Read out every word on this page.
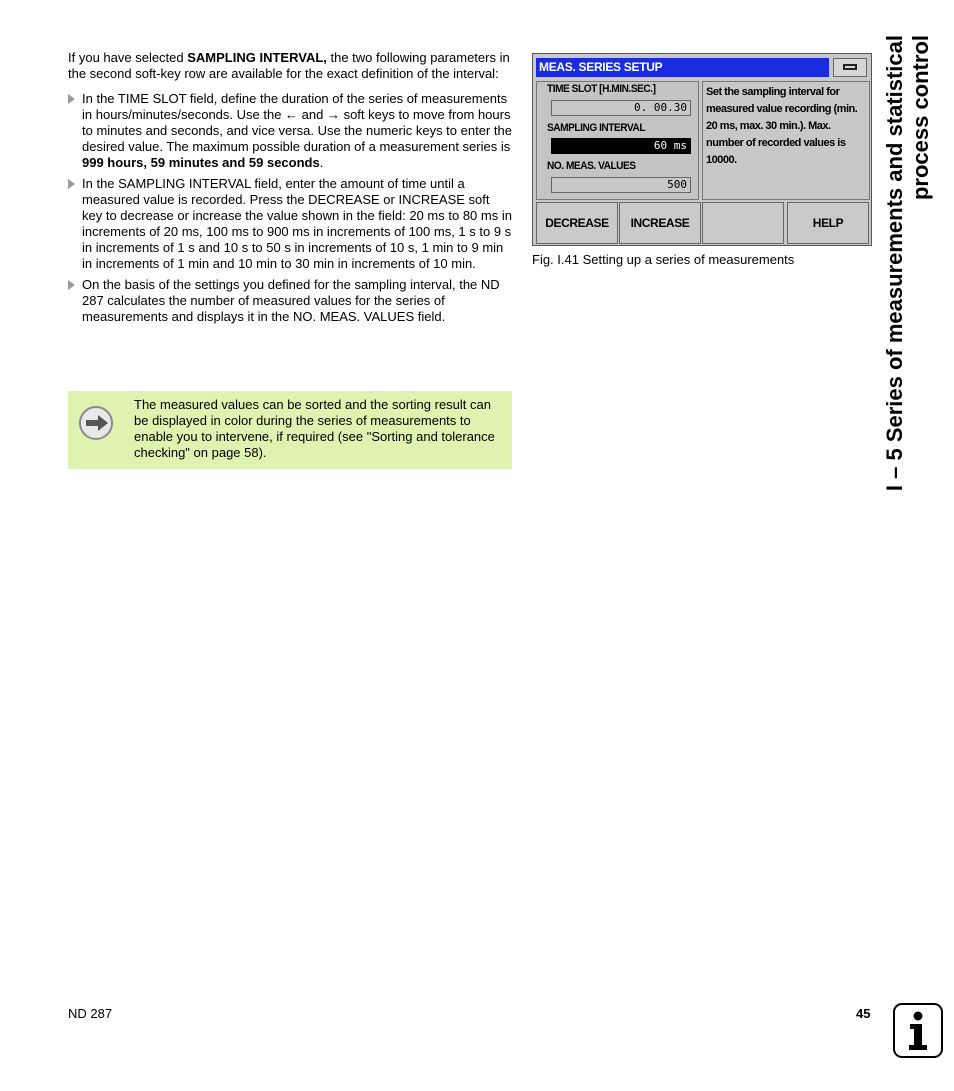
If you have selected SAMPLING INTERVAL, the two following parameters in the second soft-key row are available for the exact definition of the interval:

In the TIME SLOT field, define the duration of the series of measurements in hours/minutes/seconds. Use the ← and → soft keys to move from hours to minutes and seconds, and vice versa. Use the numeric keys to enter the desired value. The maximum possible duration of a measurement series is 999 hours, 59 minutes and 59 seconds.
In the SAMPLING INTERVAL field, enter the amount of time until a measured value is recorded. Press the DECREASE or INCREASE soft key to decrease or increase the value shown in the field: 20 ms to 80 ms in increments of 20 ms, 100 ms to 900 ms in increments of 100 ms, 1 s to 9 s in increments of 1 s and 10 s to 50 s in increments of 10 s, 1 min to 9 min in increments of 1 min and 10 min to 30 min in increments of 10 min.
On the basis of the settings you defined for the sampling interval, the ND 287 calculates the number of measured values for the series of measurements and displays it in the NO. MEAS. VALUES field.
The measured values can be sorted and the sorting result can be displayed in color during the series of measurements to enable you to intervene, if required (see "Sorting and tolerance checking" on page 58).
MEAS. SERIES SETUP
TIME SLOT [H.MIN.SEC.]
0. 00.30
SAMPLING INTERVAL
60 ms
NO. MEAS. VALUES
500
Set the sampling interval for measured value recording (min. 20 ms, max. 30 min.). Max. number of recorded values is 10000.
DECREASE	INCREASE	HELP
Fig. I.41 Setting up a series of measurements	I – 5 Series of measurements and statistical process control
ND 287	45
